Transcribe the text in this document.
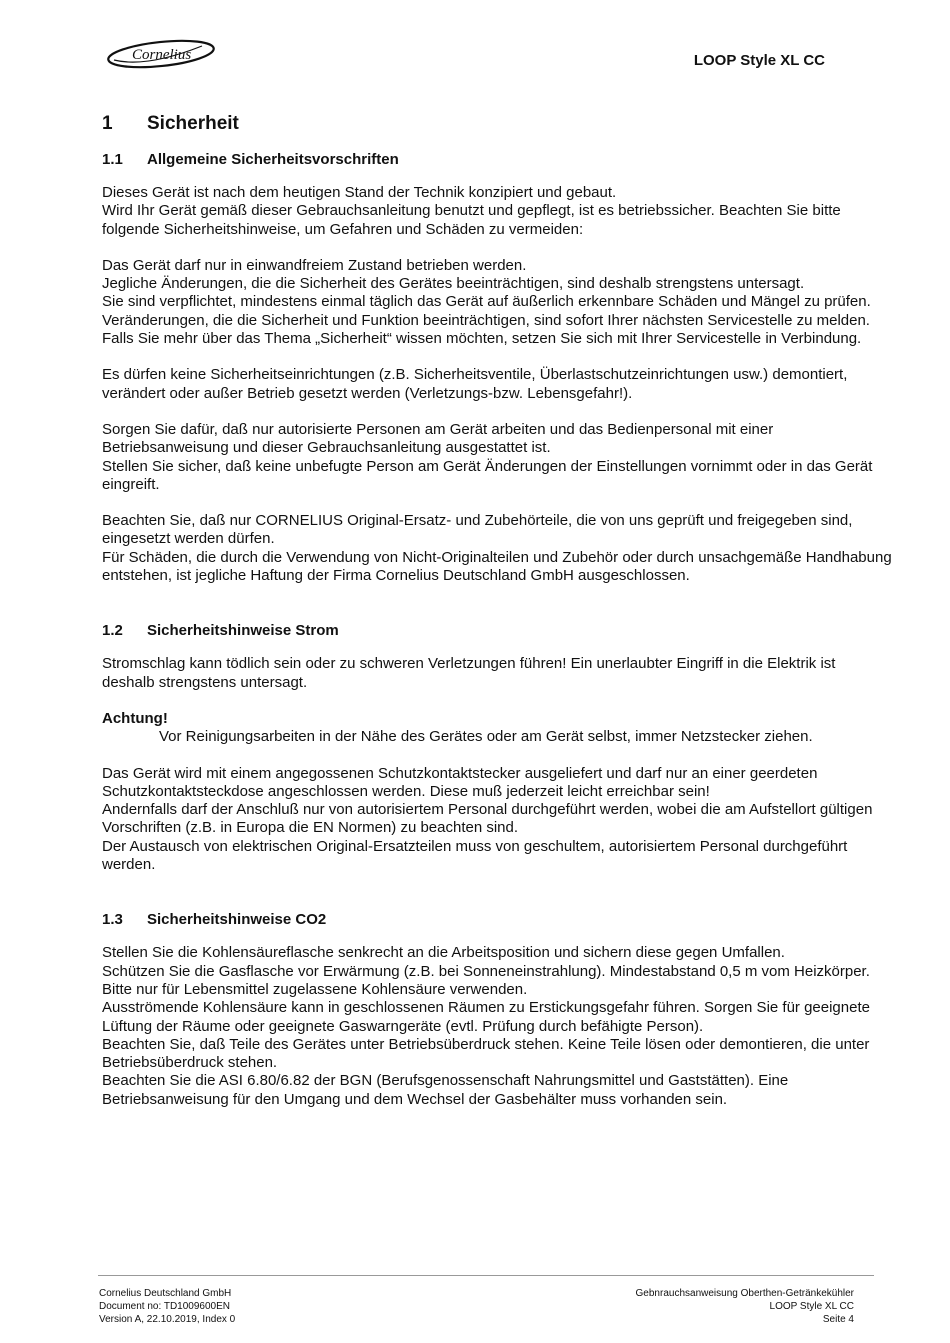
Cornelius	LOOP Style XL CC
1 Sicherheit
1.1 Allgemeine Sicherheitsvorschriften

Dieses Gerät ist nach dem heutigen Stand der Technik konzipiert und gebaut.

Wird Ihr Gerät gemäß dieser Gebrauchsanleitung benutzt und gepflegt, ist es betriebssicher. Beachten Sie bitte folgende Sicherheitshinweise, um Gefahren und Schäden zu vermeiden:

Das Gerät darf nur in einwandfreiem Zustand betrieben werden.

Jegliche Änderungen, die die Sicherheit des Gerätes beeinträchtigen, sind deshalb strengstens untersagt.

Sie sind verpflichtet, mindestens einmal täglich das Gerät auf äußerlich erkennbare Schäden und Mängel zu prüfen. Veränderungen, die die Sicherheit und Funktion beeinträchtigen, sind sofort Ihrer nächsten Servicestelle zu melden. Falls Sie mehr über das Thema „Sicherheit“ wissen möchten, setzen Sie sich mit Ihrer Servicestelle in Verbindung.

Es dürfen keine Sicherheitseinrichtungen (z.B. Sicherheitsventile, Überlastschutzeinrichtungen usw.) demontiert, verändert oder außer Betrieb gesetzt werden (Verletzungs-bzw. Lebensgefahr!).

Sorgen Sie dafür, daß nur autorisierte Personen am Gerät arbeiten und das Bedienpersonal mit einer Betriebsanweisung und dieser Gebrauchsanleitung ausgestattet ist.

Stellen Sie sicher, daß keine unbefugte Person am Gerät Änderungen der Einstellungen vornimmt oder in das Gerät eingreift.

Beachten Sie, daß nur CORNELIUS Original-Ersatz- und Zubehörteile, die von uns geprüft und freigegeben sind, eingesetzt werden dürfen.

Für Schäden, die durch die Verwendung von Nicht-Originalteilen und Zubehör oder durch unsachgemäße Handhabung entstehen, ist jegliche Haftung der Firma Cornelius Deutschland GmbH ausgeschlossen.

1.2 Sicherheitshinweise Strom

Stromschlag kann tödlich sein oder zu schweren Verletzungen führen! Ein unerlaubter Eingriff in die Elektrik ist deshalb strengstens untersagt.

Achtung!

Vor Reinigungsarbeiten in der Nähe des Gerätes oder am Gerät selbst, immer Netzstecker ziehen.

Das Gerät wird mit einem angegossenen Schutzkontaktstecker ausgeliefert und darf nur an einer geerdeten Schutzkontaktsteckdose angeschlossen werden. Diese muß jederzeit leicht erreichbar sein!

Andernfalls darf der Anschluß nur von autorisiertem Personal durchgeführt werden, wobei die am Aufstellort gültigen Vorschriften (z.B. in Europa die EN Normen) zu beachten sind.

Der Austausch von elektrischen Original-Ersatzteilen muss von geschultem, autorisiertem Personal durchgeführt werden.

1.3 Sicherheitshinweise CO2

Stellen Sie die Kohlensäureflasche senkrecht an die Arbeitsposition und sichern diese gegen Umfallen.

Schützen Sie die Gasflasche vor Erwärmung (z.B. bei Sonneneinstrahlung). Mindestabstand 0,5 m vom Heizkörper. Bitte nur für Lebensmittel zugelassene Kohlensäure verwenden.

Ausströmende Kohlensäure kann in geschlossenen Räumen zu Erstickungsgefahr führen. Sorgen Sie für geeignete Lüftung der Räume oder geeignete Gaswarngeräte (evtl. Prüfung durch befähigte Person).

Beachten Sie, daß Teile des Gerätes unter Betriebsüberdruck stehen. Keine Teile lösen oder demontieren, die unter Betriebsüberdruck stehen.

Beachten Sie die ASI 6.80/6.82 der BGN (Berufsgenossenschaft Nahrungsmittel und Gaststätten). Eine Betriebsanweisung für den Umgang und dem Wechsel der Gasbehälter muss vorhanden sein.

Cornelius Deutschland GmbH
Document no: TD1009600EN
Version A, 22.10.2019, Index 0
Gebnrauchsanweisung Oberthen-Getränkekühler
LOOP Style XL CC
Seite 4
